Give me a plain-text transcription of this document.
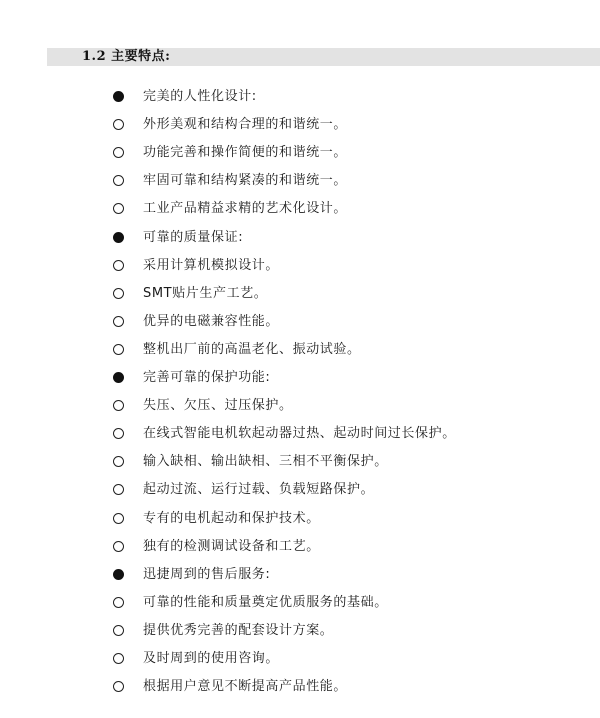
1.2 主要特点:
完美的人性化设计:
外形美观和结构合理的和谐统一。
功能完善和操作简便的和谐统一。
牢固可靠和结构紧凑的和谐统一。
工业产品精益求精的艺术化设计。
可靠的质量保证:
采用计算机模拟设计。
SMT贴片生产工艺。
优异的电磁兼容性能。
整机出厂前的高温老化、振动试验。
完善可靠的保护功能:
失压、欠压、过压保护。
在线式智能电机软起动器过热、起动时间过长保护。
输入缺相、输出缺相、三相不平衡保护。
起动过流、运行过载、负载短路保护。
专有的电机起动和保护技术。
独有的检测调试设备和工艺。
迅捷周到的售后服务:
可靠的性能和质量奠定优质服务的基础。
提供优秀完善的配套设计方案。
及时周到的使用咨询。
根据用户意见不断提高产品性能。
